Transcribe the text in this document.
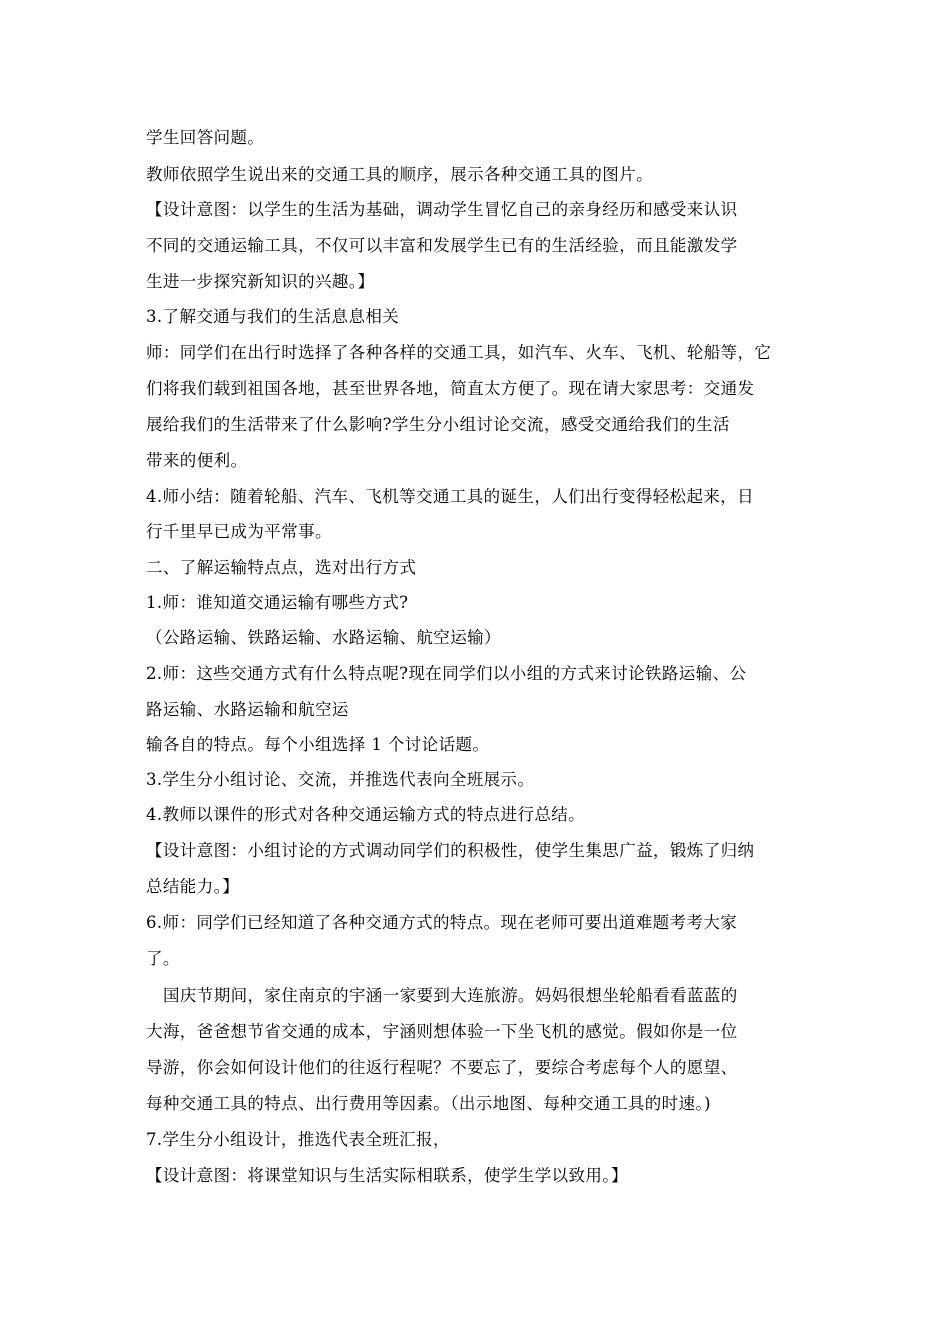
学生回答问题。
教师依照学生说出来的交通工具的顺序，展示各种交通工具的图片。
【设计意图：以学生的生活为基础，调动学生冒忆自己的亲身经历和感受来认识
不同的交通运输工具，不仅可以丰富和发展学生已有的生活经验，而且能激发学
生进一步探究新知识的兴趣。】
3.了解交通与我们的生活息息相关
师：同学们在出行时选择了各种各样的交通工具，如汽车、火车、飞机、轮船等，它
们将我们载到祖国各地，甚至世界各地，简直太方便了。现在请大家思考：交通发
展给我们的生活带来了什么影响?学生分小组讨论交流，感受交通给我们的生活
带来的便利。
4.师小结：随着轮船、汽车、飞机等交通工具的诞生，人们出行变得轻松起来，日
行千里早已成为平常事。
二、了解运输特点点，选对出行方式
1.师：谁知道交通运输有哪些方式?
（公路运输、铁路运输、水路运输、航空运输）
2.师：这些交通方式有什么特点呢?现在同学们以小组的方式来讨论铁路运输、公
路运输、水路运输和航空运
输各自的特点。每个小组选择 1 个讨论话题。
3.学生分小组讨论、交流，并推选代表向全班展示。
4.教师以课件的形式对各种交通运输方式的特点进行总结。
【设计意图：小组讨论的方式调动同学们的积极性，使学生集思广益，锻炼了归纳
总结能力。】
6.师：同学们已经知道了各种交通方式的特点。现在老师可要出道难题考考大家
了。
国庆节期间，家住南京的宇涵一家要到大连旅游。妈妈很想坐轮船看看蓝蓝的
大海，爸爸想节省交通的成本，宇涵则想体验一下坐飞机的感觉。假如你是一位
导游，你会如何设计他们的往返行程呢？不要忘了，要综合考虑每个人的愿望、
每种交通工具的特点、出行费用等因素。（出示地图、每种交通工具的时速。)
7.学生分小组设计，推选代表全班汇报，
【设计意图：将课堂知识与生活实际相联系，使学生学以致用。】
